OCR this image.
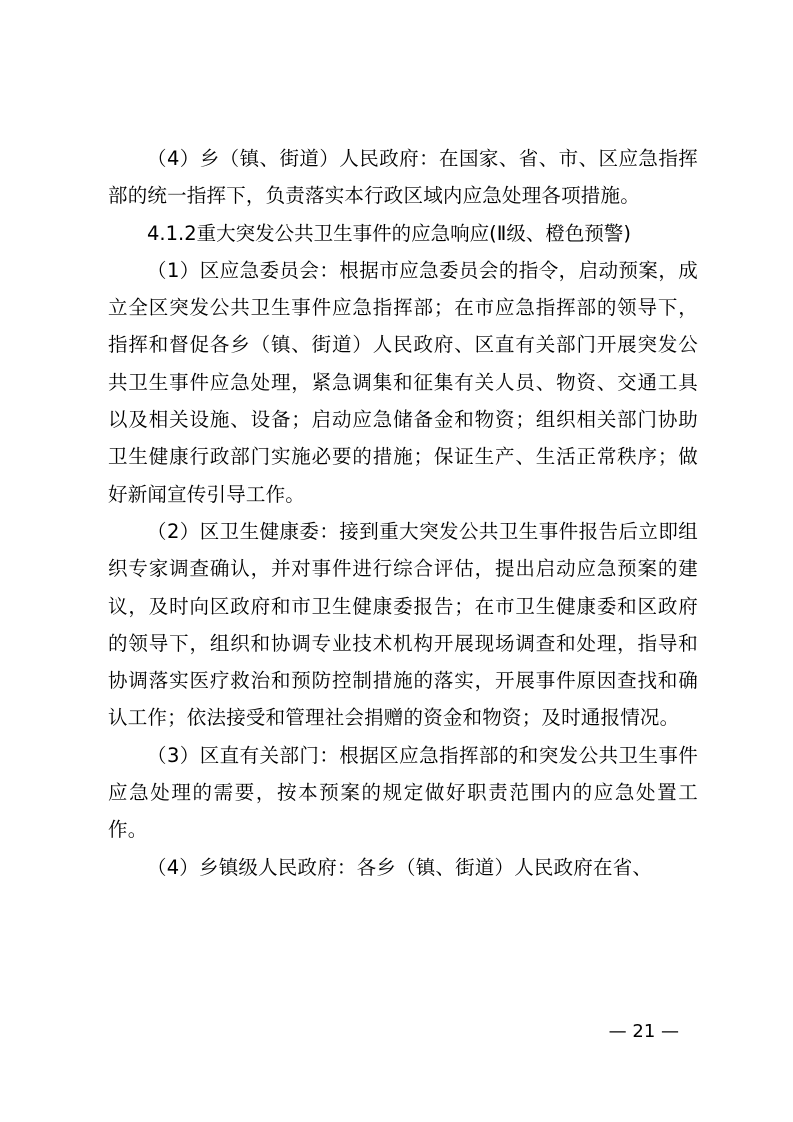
（4）乡（镇、街道）人民政府：在国家、省、市、区应急指挥部的统一指挥下，负责落实本行政区域内应急处理各项措施。

4.1.2重大突发公共卫生事件的应急响应(Ⅱ级、橙色预警)

（1）区应急委员会：根据市应急委员会的指令，启动预案，成立全区突发公共卫生事件应急指挥部；在市应急指挥部的领导下，指挥和督促各乡（镇、街道）人民政府、区直有关部门开展突发公共卫生事件应急处理，紧急调集和征集有关人员、物资、交通工具以及相关设施、设备；启动应急储备金和物资；组织相关部门协助卫生健康行政部门实施必要的措施；保证生产、生活正常秩序；做好新闻宣传引导工作。

（2）区卫生健康委：接到重大突发公共卫生事件报告后立即组织专家调查确认，并对事件进行综合评估，提出启动应急预案的建议，及时向区政府和市卫生健康委报告；在市卫生健康委和区政府的领导下，组织和协调专业技术机构开展现场调查和处理，指导和协调落实医疗救治和预防控制措施的落实，开展事件原因查找和确认工作；依法接受和管理社会捐赠的资金和物资；及时通报情况。

（3）区直有关部门：根据区应急指挥部的和突发公共卫生事件应急处理的需要，按本预案的规定做好职责范围内的应急处置工作。

（4）乡镇级人民政府：各乡（镇、街道）人民政府在省、

— 21 —
